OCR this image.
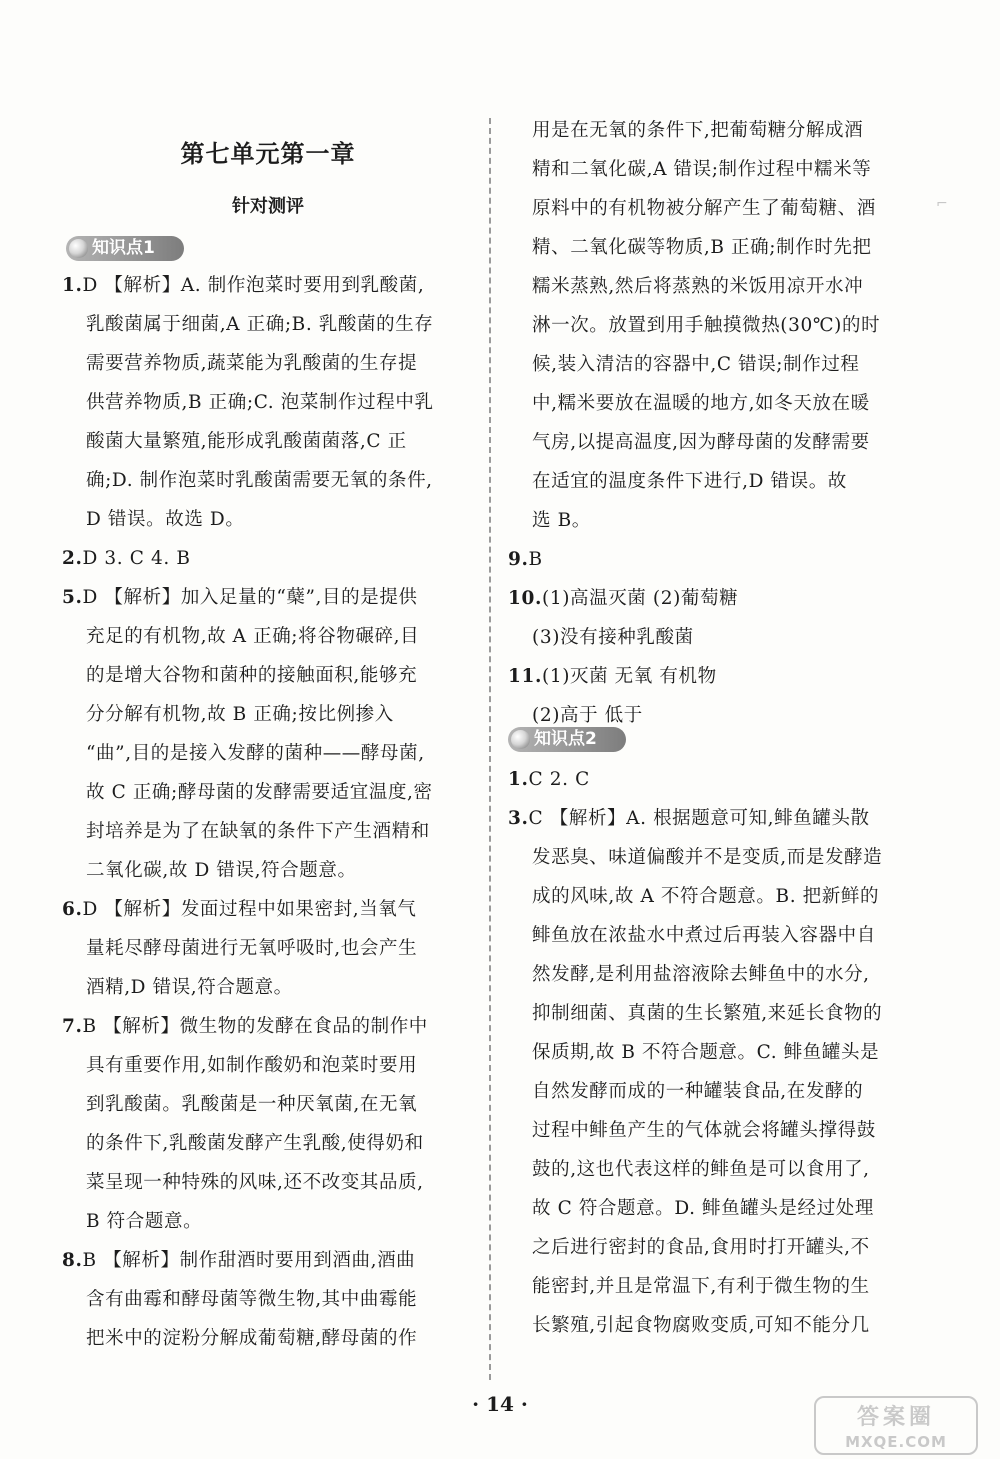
第七单元第一章
针对测评
知识点1
1.D 【解析】A. 制作泡菜时要用到乳酸菌,
乳酸菌属于细菌,A 正确;B. 乳酸菌的生存
需要营养物质,蔬菜能为乳酸菌的生存提
供营养物质,B 正确;C. 泡菜制作过程中乳
酸菌大量繁殖,能形成乳酸菌菌落,C 正
确;D. 制作泡菜时乳酸菌需要无氧的条件,
D 错误。故选 D。
2.D 3. C 4. B
5.D 【解析】加入足量的“蘖”,目的是提供
充足的有机物,故 A 正确;将谷物碾碎,目
的是增大谷物和菌种的接触面积,能够充
分分解有机物,故 B 正确;按比例掺入
“曲”,目的是接入发酵的菌种——酵母菌,
故 C 正确;酵母菌的发酵需要适宜温度,密
封培养是为了在缺氧的条件下产生酒精和
二氧化碳,故 D 错误,符合题意。
6.D 【解析】发面过程中如果密封,当氧气
量耗尽酵母菌进行无氧呼吸时,也会产生
酒精,D 错误,符合题意。
7.B 【解析】微生物的发酵在食品的制作中
具有重要作用,如制作酸奶和泡菜时要用
到乳酸菌。乳酸菌是一种厌氧菌,在无氧
的条件下,乳酸菌发酵产生乳酸,使得奶和
菜呈现一种特殊的风味,还不改变其品质,
B 符合题意。
8.B 【解析】制作甜酒时要用到酒曲,酒曲
含有曲霉和酵母菌等微生物,其中曲霉能
把米中的淀粉分解成葡萄糖,酵母菌的作
用是在无氧的条件下,把葡萄糖分解成酒
精和二氧化碳,A 错误;制作过程中糯米等
原料中的有机物被分解产生了葡萄糖、酒
精、二氧化碳等物质,B 正确;制作时先把
糯米蒸熟,然后将蒸熟的米饭用凉开水冲
淋一次。放置到用手触摸微热(30℃)的时
候,装入清洁的容器中,C 错误;制作过程
中,糯米要放在温暖的地方,如冬天放在暖
气房,以提高温度,因为酵母菌的发酵需要
在适宜的温度条件下进行,D 错误。故
选 B。
9.B
10.(1)高温灭菌 (2)葡萄糖
(3)没有接种乳酸菌
11.(1)灭菌 无氧 有机物
(2)高于 低于
知识点2
1.C 2. C
3.C 【解析】A. 根据题意可知,鲱鱼罐头散
发恶臭、味道偏酸并不是变质,而是发酵造
成的风味,故 A 不符合题意。B. 把新鲜的
鲱鱼放在浓盐水中煮过后再装入容器中自
然发酵,是利用盐溶液除去鲱鱼中的水分,
抑制细菌、真菌的生长繁殖,来延长食物的
保质期,故 B 不符合题意。C. 鲱鱼罐头是
自然发酵而成的一种罐装食品,在发酵的
过程中鲱鱼产生的气体就会将罐头撑得鼓
鼓的,这也代表这样的鲱鱼是可以食用了,
故 C 符合题意。D. 鲱鱼罐头是经过处理
之后进行密封的食品,食用时打开罐头,不
能密封,并且是常温下,有利于微生物的生
长繁殖,引起食物腐败变质,可知不能分几
· 14 ·
⌐
答案圈
MXQE.COM
